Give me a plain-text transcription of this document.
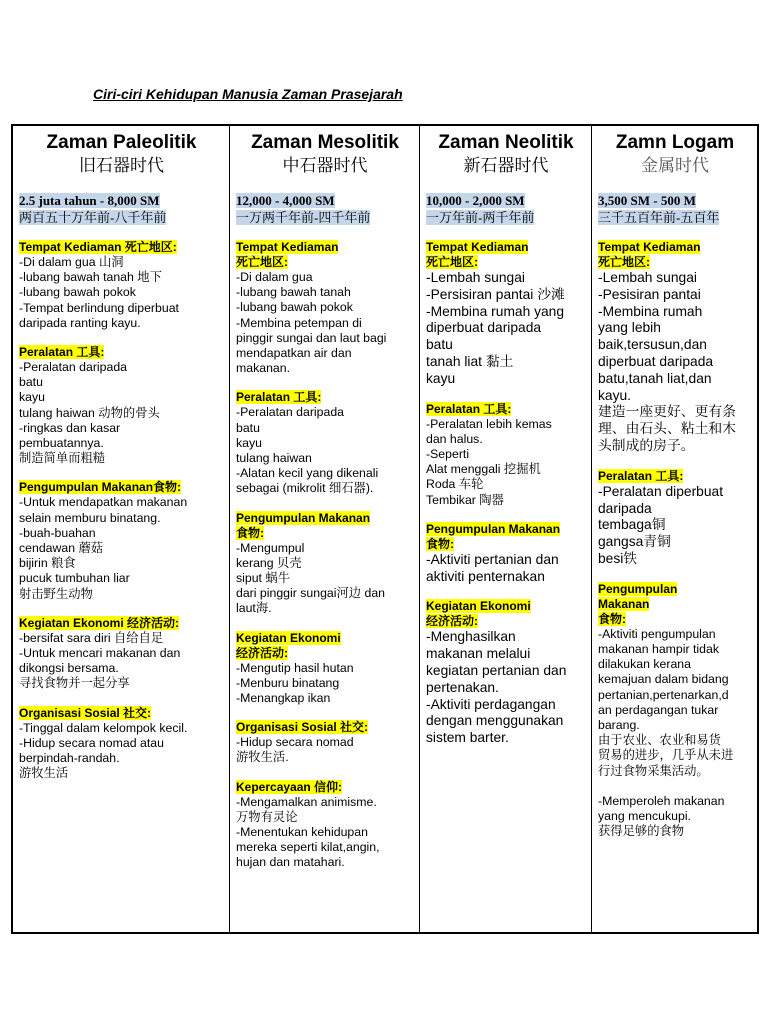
Ciri-ciri Kehidupan Manusia Zaman Prasejarah
Zaman Paleolitik
旧石器时代
2.5 juta tahun - 8,000 SM
两百五十万年前-八千年前
Tempat Kediaman 死亡地区:
-Di dalam gua 山洞
-lubang bawah tanah 地下
-lubang bawah pokok
-Tempat berlindung diperbuat
daripada ranting kayu.
Peralatan 工具:
-Peralatan daripada
batu
kayu
tulang haiwan 动物的骨头
-ringkas dan kasar
pembuatannya.
制造简单而粗糙
Pengumpulan Makanan食物:
-Untuk mendapatkan makanan
selain memburu binatang.
-buah-buahan
cendawan 蘑菇
bijirin 粮食
pucuk tumbuhan liar
射击野生动物
Kegiatan Ekonomi 经济活动:
-bersifat sara diri 自给自足
-Untuk mencari makanan dan
dikongsi bersama.
寻找食物并一起分享
Organisasi Sosial 社交:
-Tinggal dalam kelompok kecil.
-Hidup secara nomad atau
berpindah-randah.
游牧生活
Zaman Mesolitik
中石器时代
12,000 - 4,000 SM
一万两千年前-四千年前
Tempat Kediaman
死亡地区:
-Di dalam gua
-lubang bawah tanah
-lubang bawah pokok
-Membina petempan di
pinggir sungai dan laut bagi
mendapatkan air dan
makanan.
Peralatan 工具:
-Peralatan daripada
batu
kayu
tulang haiwan
-Alatan kecil yang dikenali
sebagai (mikrolit 细石器).
Pengumpulan Makanan
食物:
-Mengumpul
kerang 贝壳
siput 蜗牛
dari pinggir sungai河边 dan
laut海.
Kegiatan Ekonomi
经济活动:
-Mengutip hasil hutan
-Menburu binatang
-Menangkap ikan
Organisasi Sosial 社交:
-Hidup secara nomad
游牧生活.
Kepercayaan 信仰:
-Mengamalkan animisme.
万物有灵论
-Menentukan kehidupan
mereka seperti kilat,angin,
hujan dan matahari.
Zaman Neolitik
新石器时代
10,000 - 2,000 SM
一万年前-两千年前
Tempat Kediaman
死亡地区:
-Lembah sungai
-Persisiran pantai 沙滩
-Membina rumah yang
diperbuat daripada
batu
tanah liat 黏土
kayu
Peralatan 工具:
-Peralatan lebih kemas
dan halus.
-Seperti
Alat menggali 挖掘机
Roda 车轮
Tembikar 陶器
Pengumpulan Makanan
食物:
-Aktiviti pertanian dan
aktiviti penternakan
Kegiatan Ekonomi
经济活动:
-Menghasilkan
makanan melalui
kegiatan pertanian dan
pertenakan.
-Aktiviti perdagangan
dengan menggunakan
sistem barter.
Zamn Logam
金属时代
3,500 SM - 500 M
三千五百年前-五百年
Tempat Kediaman
死亡地区:
-Lembah sungai
-Pesisiran pantai
-Membina rumah
yang lebih
baik,tersusun,dan
diperbuat daripada
batu,tanah liat,dan
kayu.
建造一座更好、更有条
理、由石头、粘土和木
头制成的房子。
Peralatan 工具:
-Peralatan diperbuat
daripada
tembaga铜
gangsa青铜
besi铁
Pengumpulan
Makanan
食物:
-Aktiviti pengumpulan
makanan hampir tidak
dilakukan kerana
kemajuan dalam bidang
pertanian,pertenarkan,d
an perdagangan tukar
barang.
由于农业、农业和易货
贸易的进步，几乎从未进
行过食物采集活动。

-Memperoleh makanan
yang mencukupi.
获得足够的食物
